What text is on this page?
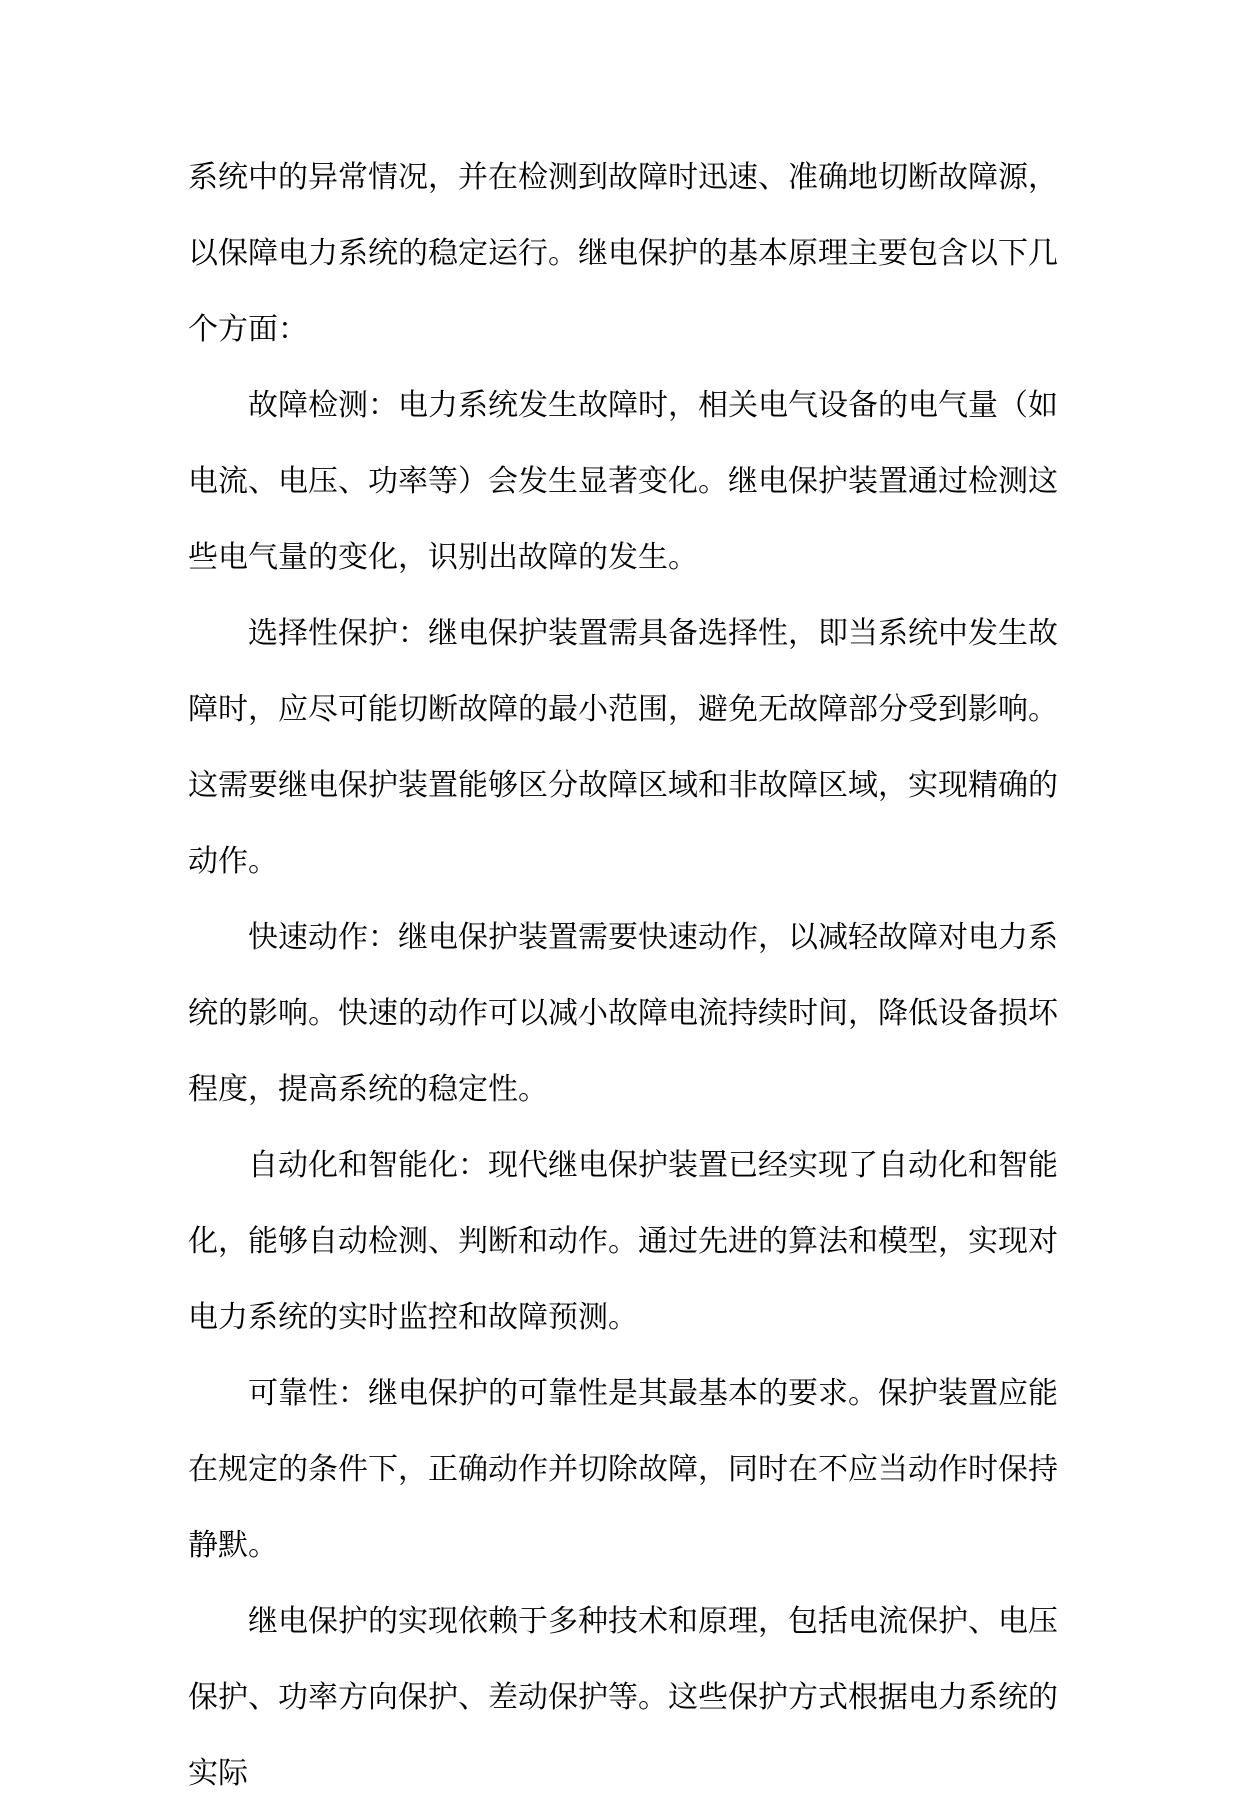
系统中的异常情况，并在检测到故障时迅速、准确地切断故障源，以保障电力系统的稳定运行。继电保护的基本原理主要包含以下几个方面：

故障检测：电力系统发生故障时，相关电气设备的电气量（如电流、电压、功率等）会发生显著变化。继电保护装置通过检测这些电气量的变化，识别出故障的发生。

选择性保护：继电保护装置需具备选择性，即当系统中发生故障时，应尽可能切断故障的最小范围，避免无故障部分受到影响。这需要继电保护装置能够区分故障区域和非故障区域，实现精确的动作。

快速动作：继电保护装置需要快速动作，以减轻故障对电力系统的影响。快速的动作可以减小故障电流持续时间，降低设备损坏程度，提高系统的稳定性。

自动化和智能化：现代继电保护装置已经实现了自动化和智能化，能够自动检测、判断和动作。通过先进的算法和模型，实现对电力系统的实时监控和故障预测。

可靠性：继电保护的可靠性是其最基本的要求。保护装置应能在规定的条件下，正确动作并切除故障，同时在不应当动作时保持静默。

继电保护的实现依赖于多种技术和原理，包括电流保护、电压保护、功率方向保护、差动保护等。这些保护方式根据电力系统的实际
